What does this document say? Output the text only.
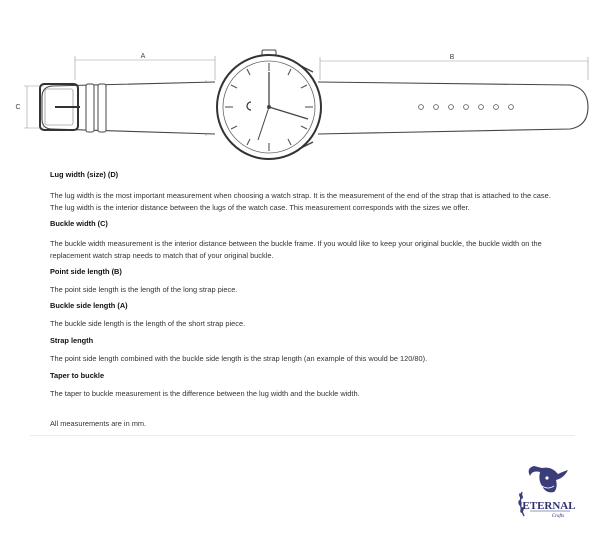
A	B
C
Lug width (size) (D)

The lug width is the most important measurement when choosing a watch strap. It is the measurement of the end of the strap that is attached to the case. The lug width is the interior distance between the lugs of the watch case. This measurement corresponds with the sizes we offer.

Buckle width (C)

The buckle width measurement is the interior distance between the buckle frame. If you would like to keep your original buckle, the buckle width on the replacement watch strap needs to match that of your original buckle.

Point side length (B)

The point side length is the length of the long strap piece.

Buckle side length (A)

The buckle side length is the length of the short strap piece.

Strap length

The point side length combined with the buckle side length is the strap length (an example of this would be 120/80).

Taper to buckle

The taper to buckle measurement is the difference between the lug width and the buckle width.

All measurements are in mm.

ETERNAL
Crafts
